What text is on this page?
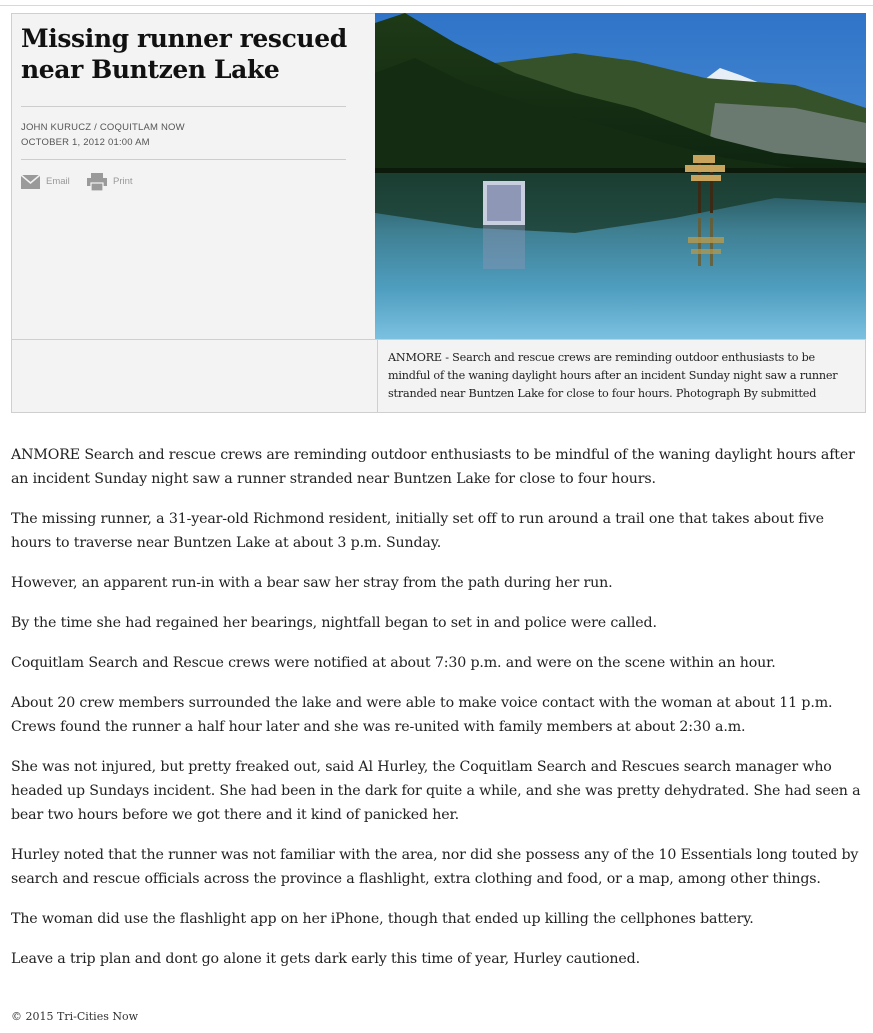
Missing runner rescued near Buntzen Lake
JOHN KURUCZ / COQUITLAM NOW
OCTOBER 1, 2012 01:00 AM
Email	Print

ANMORE - Search and rescue crews are reminding outdoor enthusiasts to be mindful of the waning daylight hours after an incident Sunday night saw a runner stranded near Buntzen Lake for close to four hours. Photograph By submitted

ANMORE Search and rescue crews are reminding outdoor enthusiasts to be mindful of the waning daylight hours after an incident Sunday night saw a runner stranded near Buntzen Lake for close to four hours.

The missing runner, a 31-year-old Richmond resident, initially set off to run around a trail one that takes about five hours to traverse near Buntzen Lake at about 3 p.m. Sunday.

However, an apparent run-in with a bear saw her stray from the path during her run.

By the time she had regained her bearings, nightfall began to set in and police were called.

Coquitlam Search and Rescue crews were notified at about 7:30 p.m. and were on the scene within an hour.

About 20 crew members surrounded the lake and were able to make voice contact with the woman at about 11 p.m. Crews found the runner a half hour later and she was re-united with family members at about 2:30 a.m.

She was not injured, but pretty freaked out, said Al Hurley, the Coquitlam Search and Rescues search manager who headed up Sundays incident. She had been in the dark for quite a while, and she was pretty dehydrated. She had seen a bear two hours before we got there and it kind of panicked her.

Hurley noted that the runner was not familiar with the area, nor did she possess any of the 10 Essentials long touted by search and rescue officials across the province a flashlight, extra clothing and food, or a map, among other things.

The woman did use the flashlight app on her iPhone, though that ended up killing the cellphones battery.

Leave a trip plan and dont go alone it gets dark early this time of year, Hurley cautioned.

© 2015 Tri-Cities Now
